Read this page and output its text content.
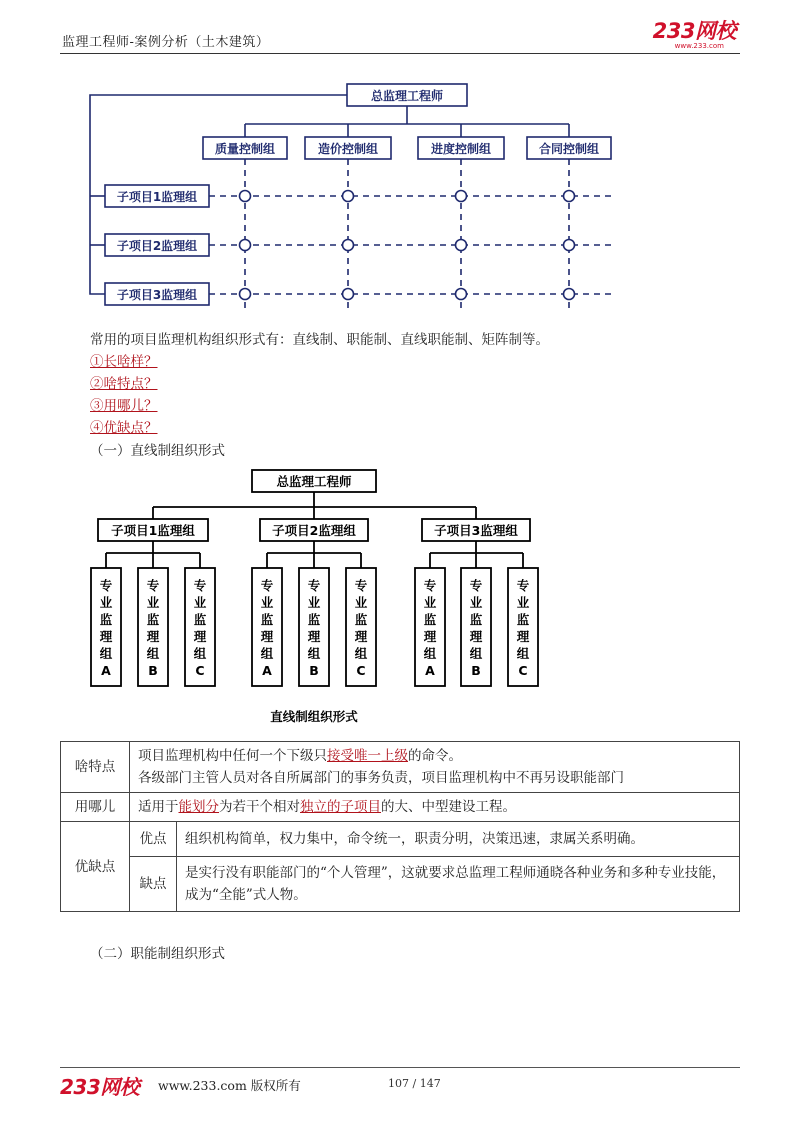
监理工程师-案例分析（土木建筑）	233网校
www.233.com
总监理工程师
质量控制组	造价控制组	进度控制组	合同控制组
子项目1监理组
子项目2监理组
子项目3监理组
常用的项目监理机构组织形式有：直线制、职能制、直线职能制、矩阵制等。
①长啥样？
②啥特点？
③用哪儿？
④优缺点？
（一）直线制组织形式
总监理工程师
子项目1监理组	子项目2监理组	子项目3监理组
专业监理组 A
专业监理组 B
专业监理组 C
专业监理组 A
专业监理组 B
专业监理组 C
专业监理组 A
专业监理组 B
专业监理组 C
直线制组织形式
啥特点	项目监理机构中任何一个下级只接受唯一上级的命令。
各级部门主管人员对各自所属部门的事务负责，项目监理机构中不再另设职能部门	

用哪儿	适用于能划分为若干个相对独立的子项目的大、中型建设工程。	
优缺点	优点	组织机构简单，权力集中，命令统一，职责分明，决策迅速，隶属关系明确。
	缺点	是实行没有职能部门的“个人管理”，这就要求总监理工程师通晓各种业务和多种专业技能，成为“全能”式人物。
（二）职能制组织形式
233网校 www.233.com 版权所有	107 / 147
